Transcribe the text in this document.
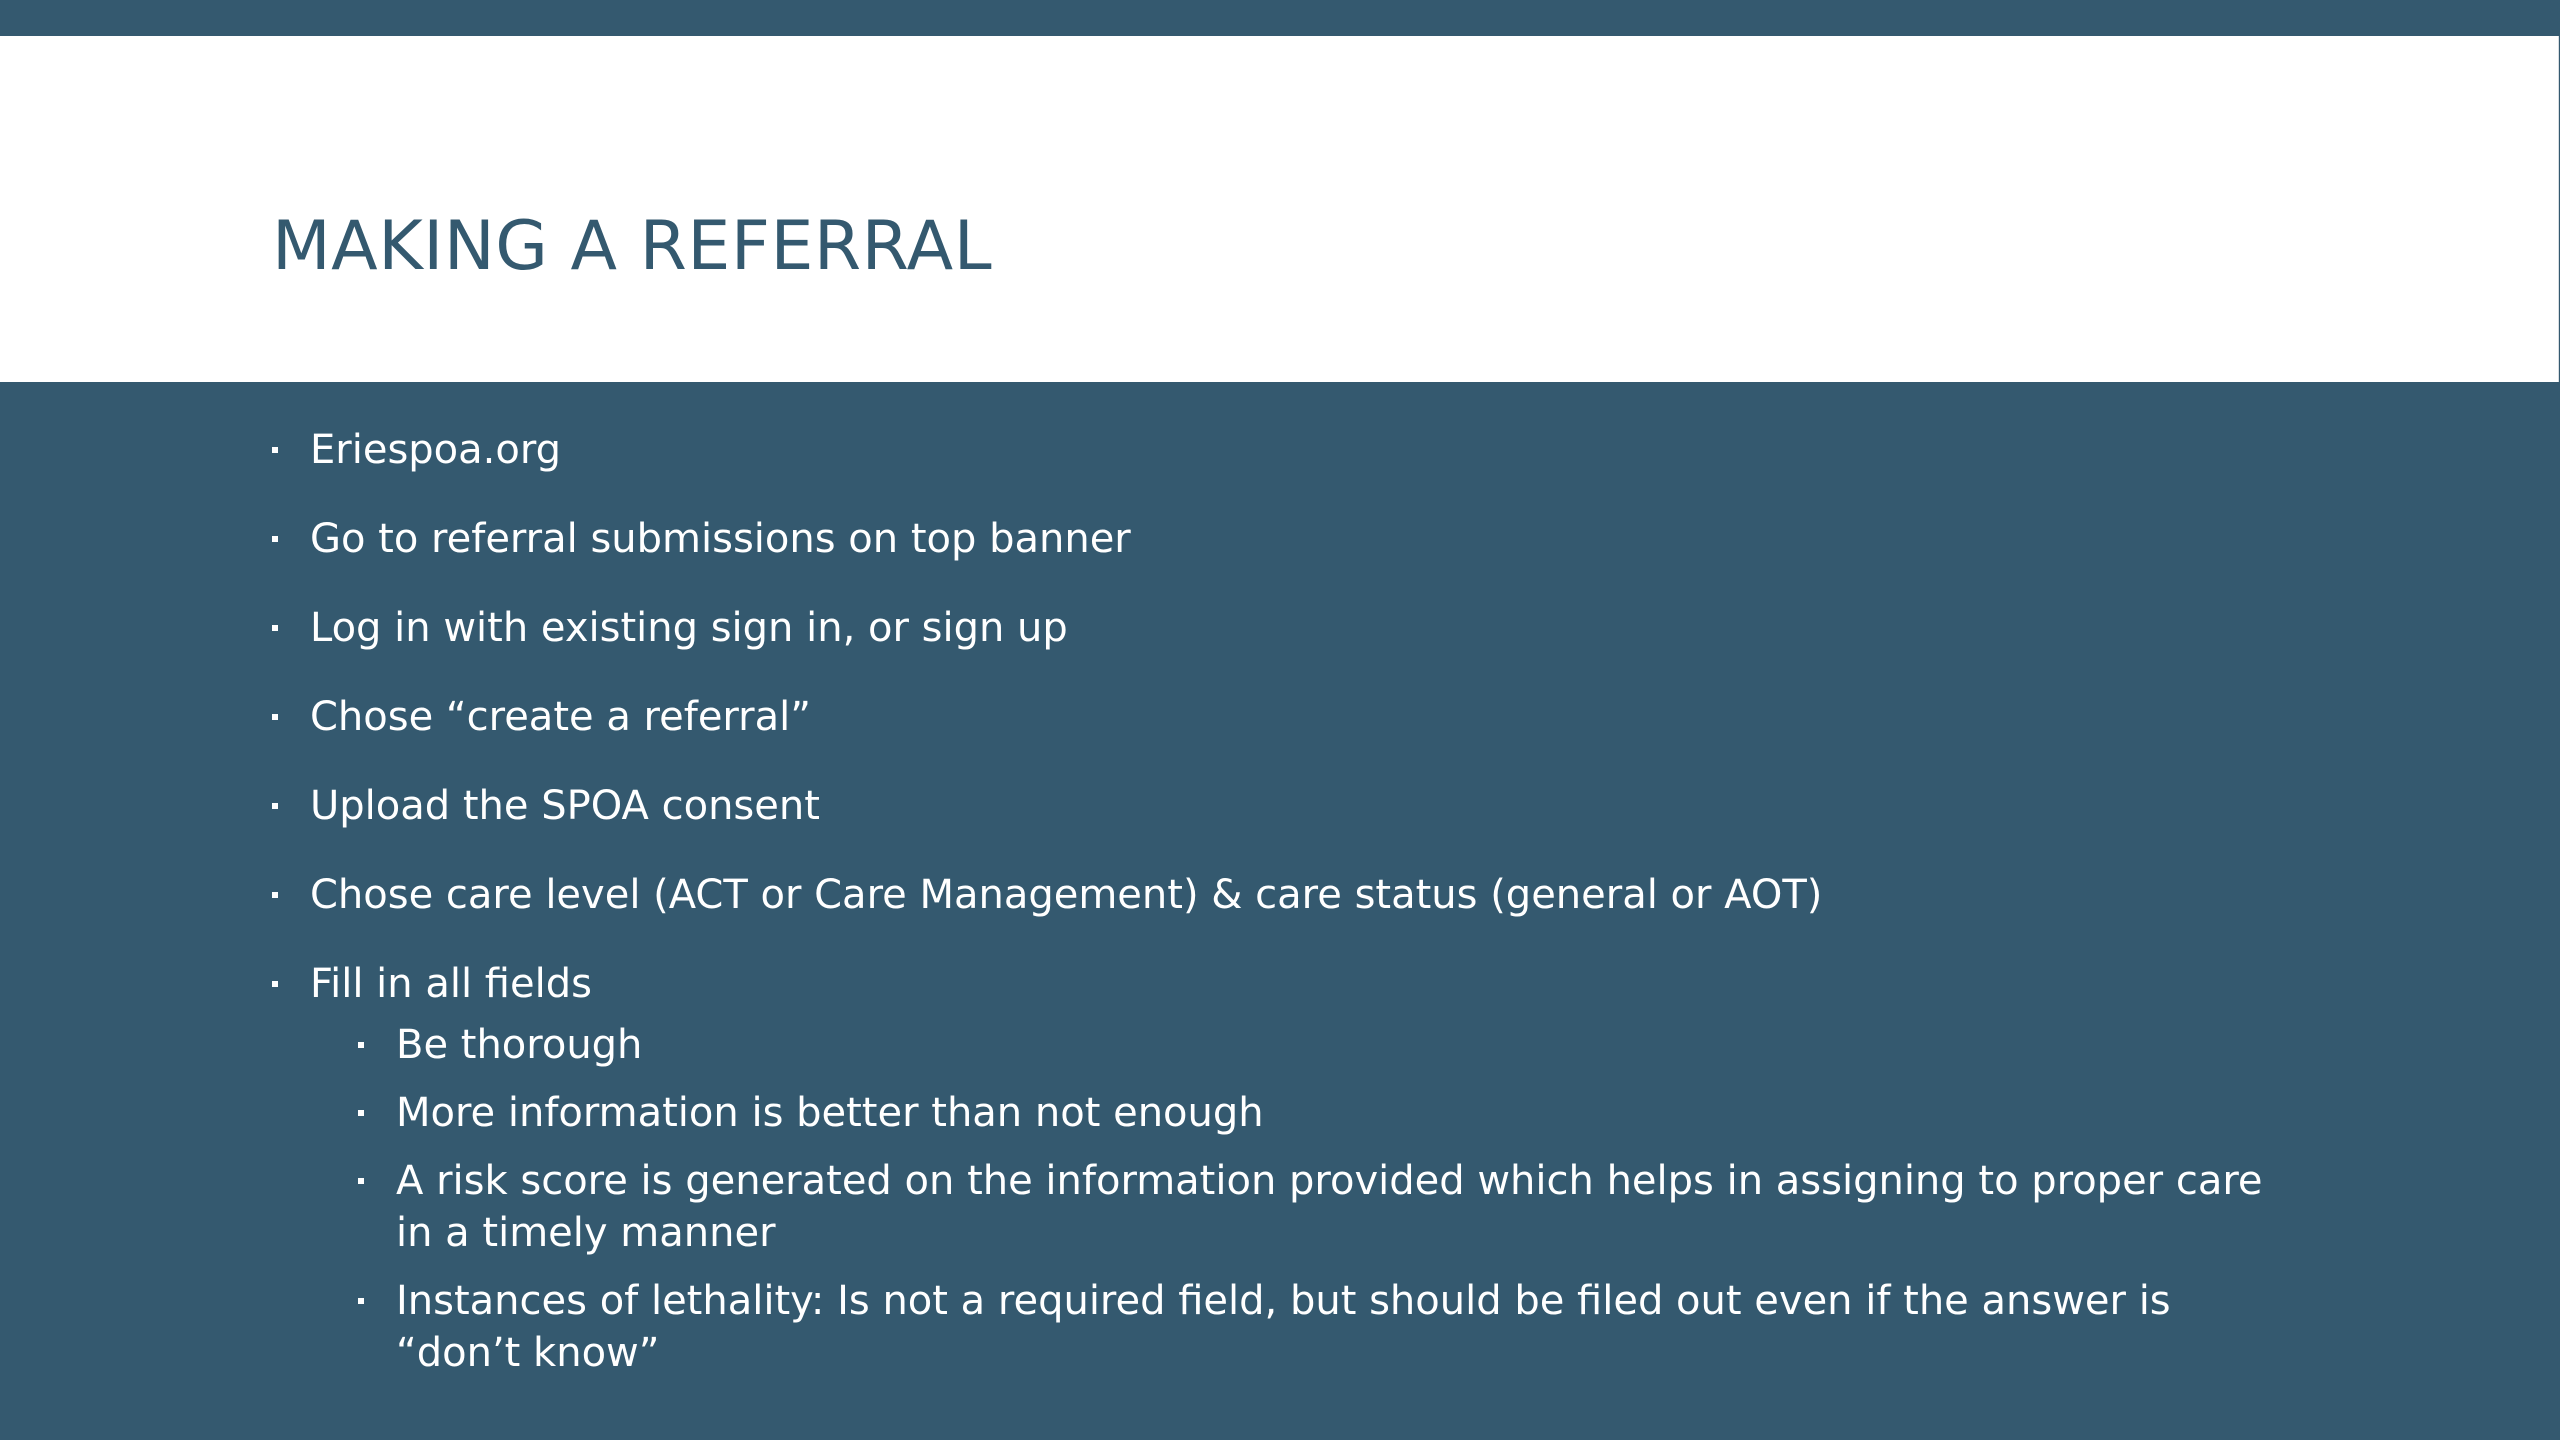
MAKING A REFERRAL
Eriespoa.org
Go to referral submissions on top banner
Log in with existing sign in, or sign up
Chose “create a referral”
Upload the SPOA consent
Chose care level (ACT or Care Management) & care status (general or AOT)
Fill in all fields
Be thorough
More information is better than not enough
A risk score is generated on the information provided which helps in assigning to proper care in a timely manner
Instances of lethality: Is not a required field, but should be filed out even if the answer is “don’t know”
